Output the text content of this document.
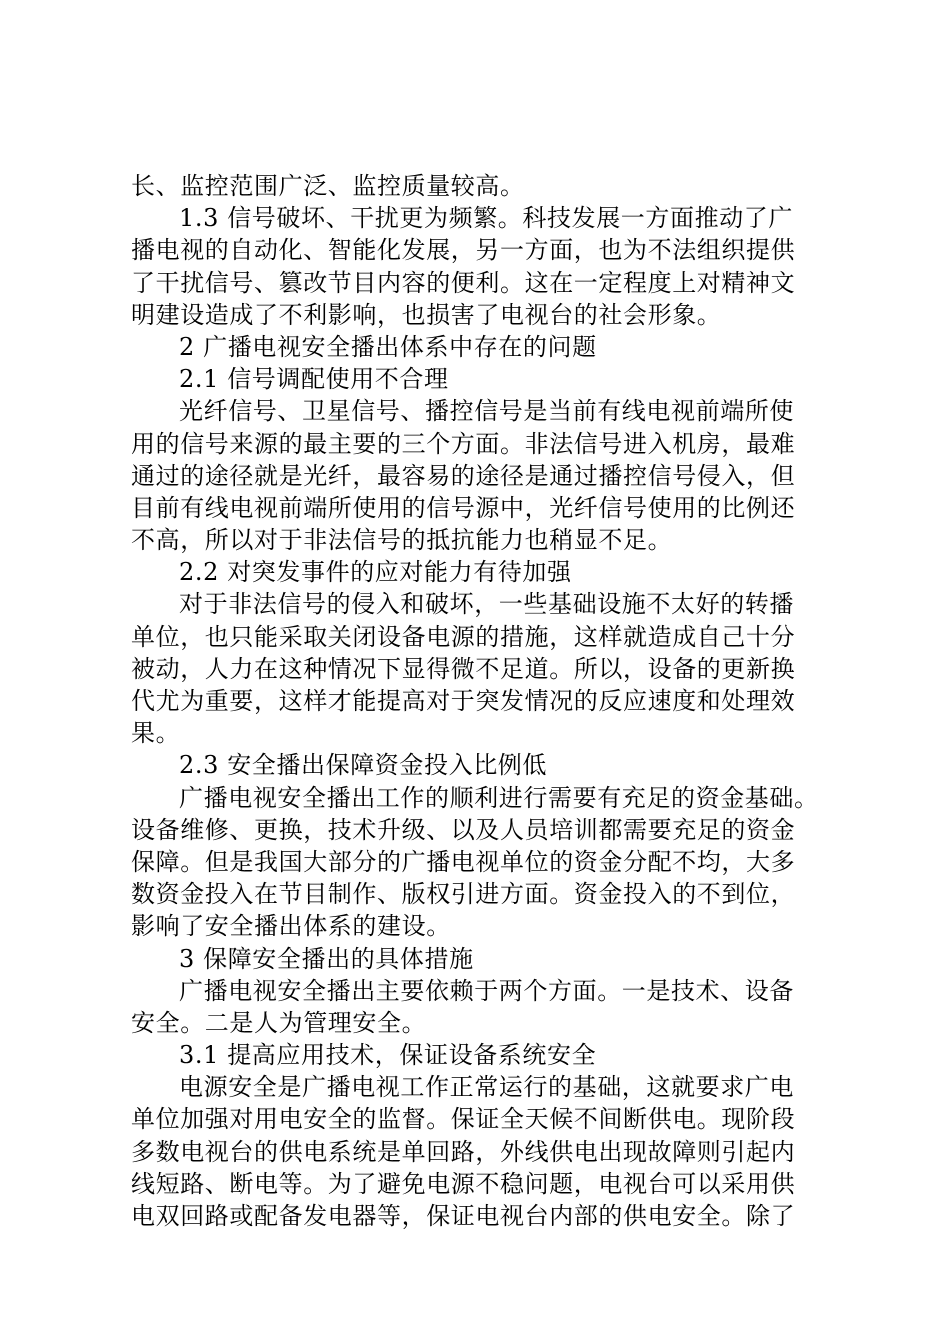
长、监控范围广泛、监控质量较高。
1.3 信号破坏、干扰更为频繁。科技发展一方面推动了广
播电视的自动化、智能化发展，另一方面，也为不法组织提供
了干扰信号、篡改节目内容的便利。这在一定程度上对精神文
明建设造成了不利影响，也损害了电视台的社会形象。
2 广播电视安全播出体系中存在的问题
2.1 信号调配使用不合理
光纤信号、卫星信号、播控信号是当前有线电视前端所使
用的信号来源的最主要的三个方面。非法信号进入机房，最难
通过的途径就是光纤，最容易的途径是通过播控信号侵入，但
目前有线电视前端所使用的信号源中，光纤信号使用的比例还
不高，所以对于非法信号的抵抗能力也稍显不足。
2.2 对突发事件的应对能力有待加强
对于非法信号的侵入和破坏，一些基础设施不太好的转播
单位，也只能采取关闭设备电源的措施，这样就造成自己十分
被动，人力在这种情况下显得微不足道。所以，设备的更新换
代尤为重要，这样才能提高对于突发情况的反应速度和处理效
果。
2.3 安全播出保障资金投入比例低
广播电视安全播出工作的顺利进行需要有充足的资金基础。
设备维修、更换，技术升级、以及人员培训都需要充足的资金
保障。但是我国大部分的广播电视单位的资金分配不均，大多
数资金投入在节目制作、版权引进方面。资金投入的不到位，
影响了安全播出体系的建设。
3 保障安全播出的具体措施
广播电视安全播出主要依赖于两个方面。一是技术、设备
安全。二是人为管理安全。
3.1 提高应用技术，保证设备系统安全
电源安全是广播电视工作正常运行的基础，这就要求广电
单位加强对用电安全的监督。保证全天候不间断供电。现阶段
多数电视台的供电系统是单回路，外线供电出现故障则引起内
线短路、断电等。为了避免电源不稳问题，电视台可以采用供
电双回路或配备发电器等，保证电视台内部的供电安全。除了
